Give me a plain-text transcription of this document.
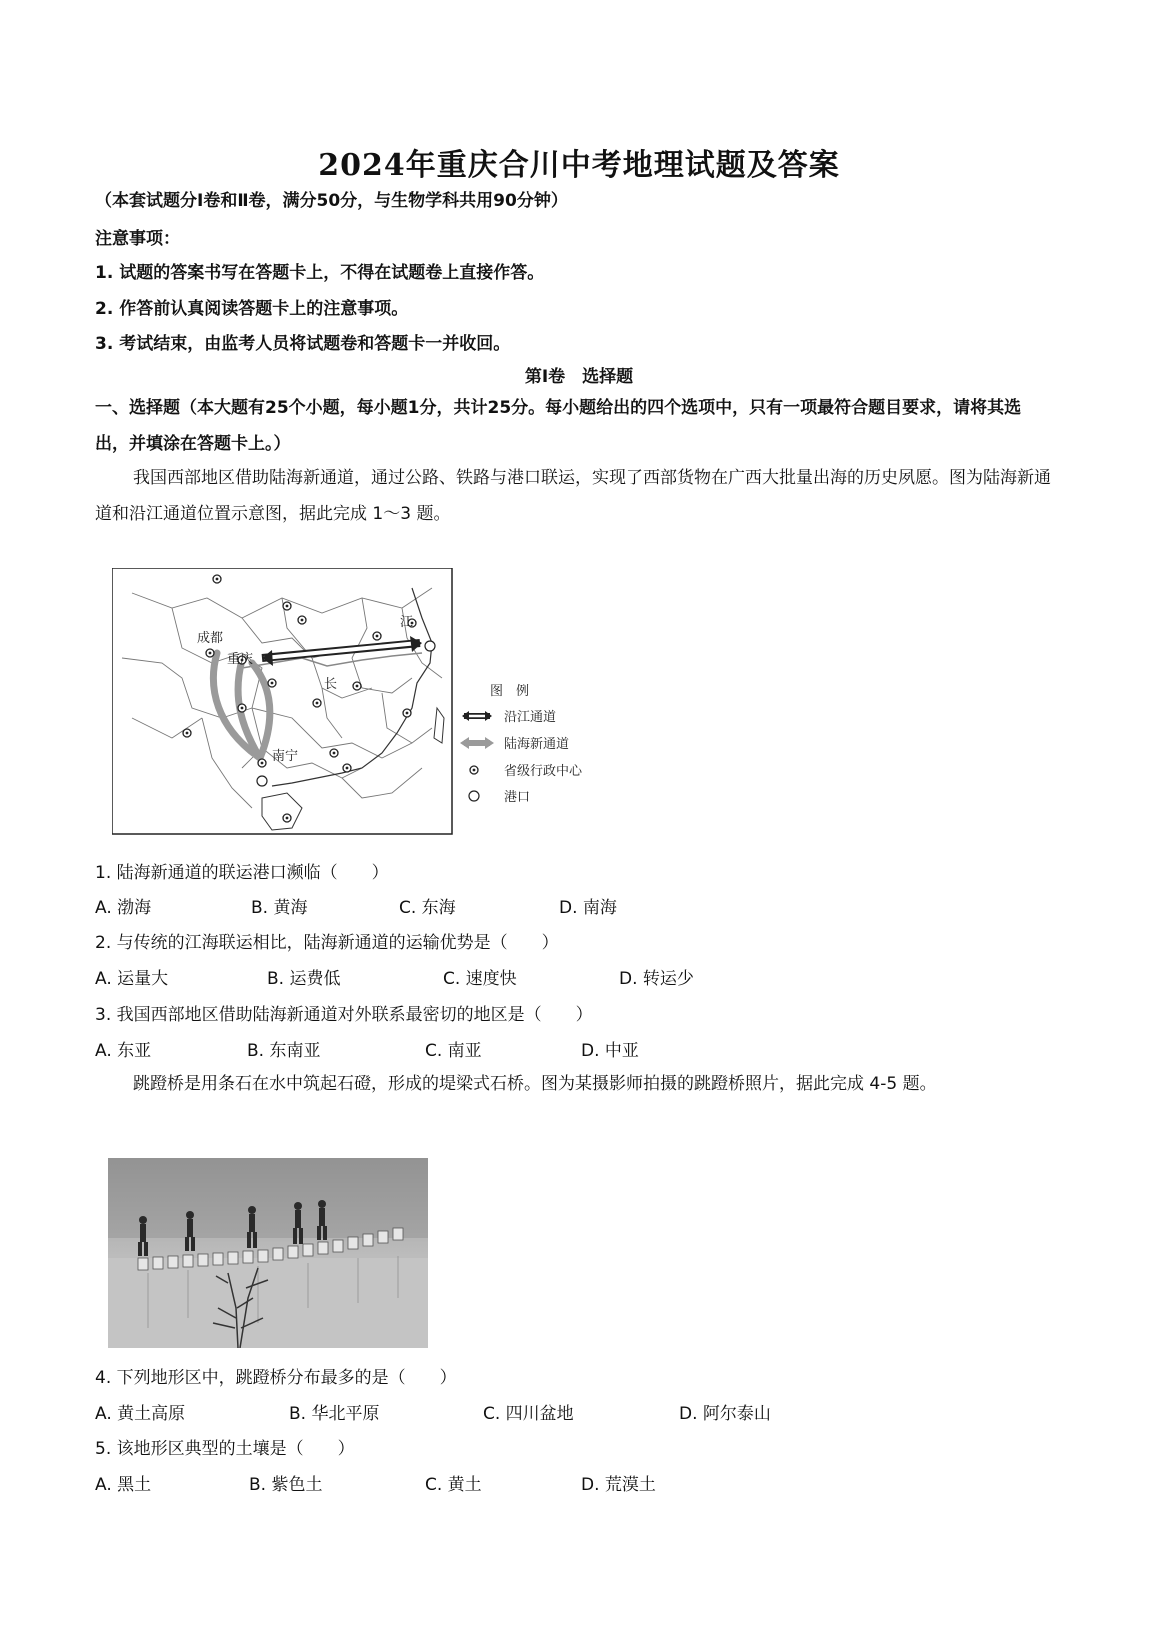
2024年重庆合川中考地理试题及答案
（本套试题分Ⅰ卷和Ⅱ卷，满分50分，与生物学科共用90分钟）
注意事项：
1. 试题的答案书写在答题卡上，不得在试题卷上直接作答。
2. 作答前认真阅读答题卡上的注意事项。
3. 考试结束，由监考人员将试题卷和答题卡一并收回。
第Ⅰ卷　选择题
一、选择题（本大题有25个小题，每小题1分，共计25分。每小题给出的四个选项中，只有一项最符合题目要求，请将其选出，并填涂在答题卡上。）
我国西部地区借助陆海新通道，通过公路、铁路与港口联运，实现了西部货物在广西大批量出海的历史夙愿。图为陆海新通道和沿江通道位置示意图，据此完成 1～3 题。
成都
重庆
南宁
江
长	图　例
沿江通道
陆海新通道
省级行政中心
港口
1. 陆海新通道的联运港口濒临（　　）
A. 渤海	B. 黄海	C. 东海	D. 南海
2. 与传统的江海联运相比，陆海新通道的运输优势是（　　）
A. 运量大	B. 运费低	C. 速度快	D. 转运少
3. 我国西部地区借助陆海新通道对外联系最密切的地区是（　　）
A. 东亚	B. 东南亚	C. 南亚	D. 中亚
跳蹬桥是用条石在水中筑起石磴，形成的堤梁式石桥。图为某摄影师拍摄的跳蹬桥照片，据此完成 4-5 题。
4. 下列地形区中，跳蹬桥分布最多的是（　　）
A. 黄土高原	B. 华北平原	C. 四川盆地	D. 阿尔泰山
5. 该地形区典型的土壤是（　　）
A. 黑土	B. 紫色土	C. 黄土	D. 荒漠土
